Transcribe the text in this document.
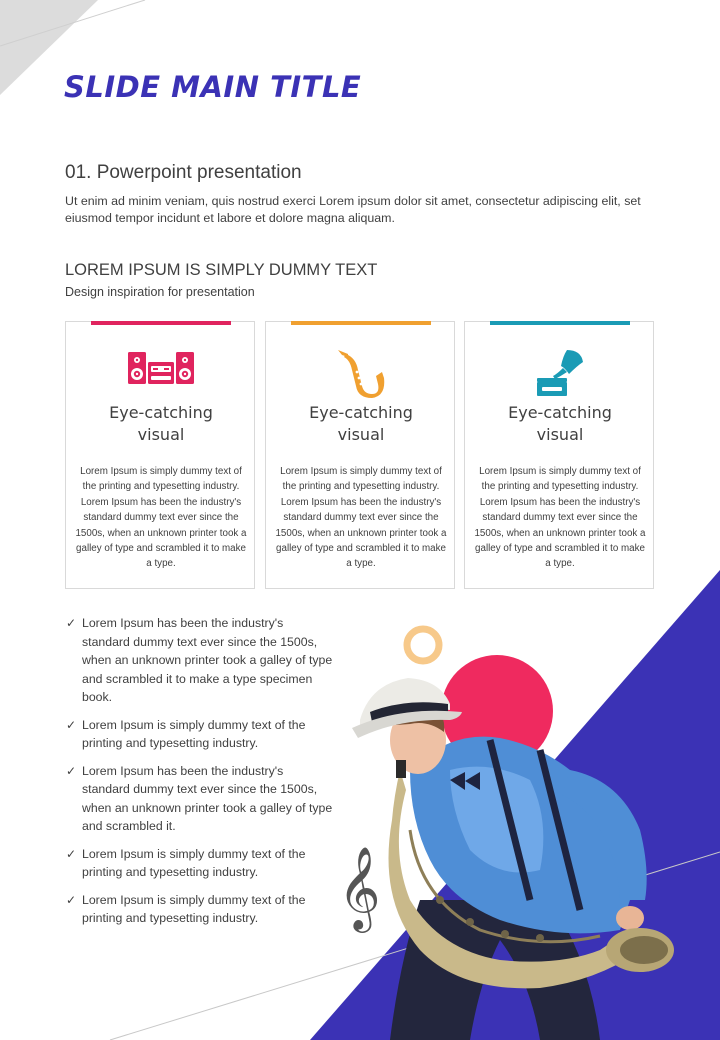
SLIDE MAIN TITLE
01. Powerpoint presentation

Ut enim ad minim veniam, quis nostrud exerci Lorem ipsum dolor sit amet, consectetur adipiscing elit, set eiusmod tempor incidunt et labore et dolore magna aliquam.

LOREM IPSUM IS SIMPLY DUMMY TEXT

Design inspiration for presentation

Eye-catching
visual

Lorem Ipsum is simply dummy text of the printing and typesetting industry. Lorem Ipsum has been the industry's standard dummy text ever since the 1500s, when an unknown printer took a galley of type and scrambled it to make a type.

Eye-catching
visual

Lorem Ipsum is simply dummy text of the printing and typesetting industry. Lorem Ipsum has been the industry's standard dummy text ever since the 1500s, when an unknown printer took a galley of type and scrambled it to make a type.

Eye-catching
visual

Lorem Ipsum is simply dummy text of the printing and typesetting industry. Lorem Ipsum has been the industry's standard dummy text ever since the 1500s, when an unknown printer took a galley of type and scrambled it to make a type.

✓ Lorem Ipsum has been the industry's standard dummy text ever since the 1500s, when an unknown printer took a galley of type and scrambled it to make a type specimen book.
✓ Lorem Ipsum is simply dummy text of the printing and typesetting industry.
✓ Lorem Ipsum has been the industry's standard dummy text ever since the 1500s, when an unknown printer took a galley of type and scrambled it.
✓ Lorem Ipsum is simply dummy text of the printing and typesetting industry.
✓ Lorem Ipsum is simply dummy text of the printing and typesetting industry.	𝄞
